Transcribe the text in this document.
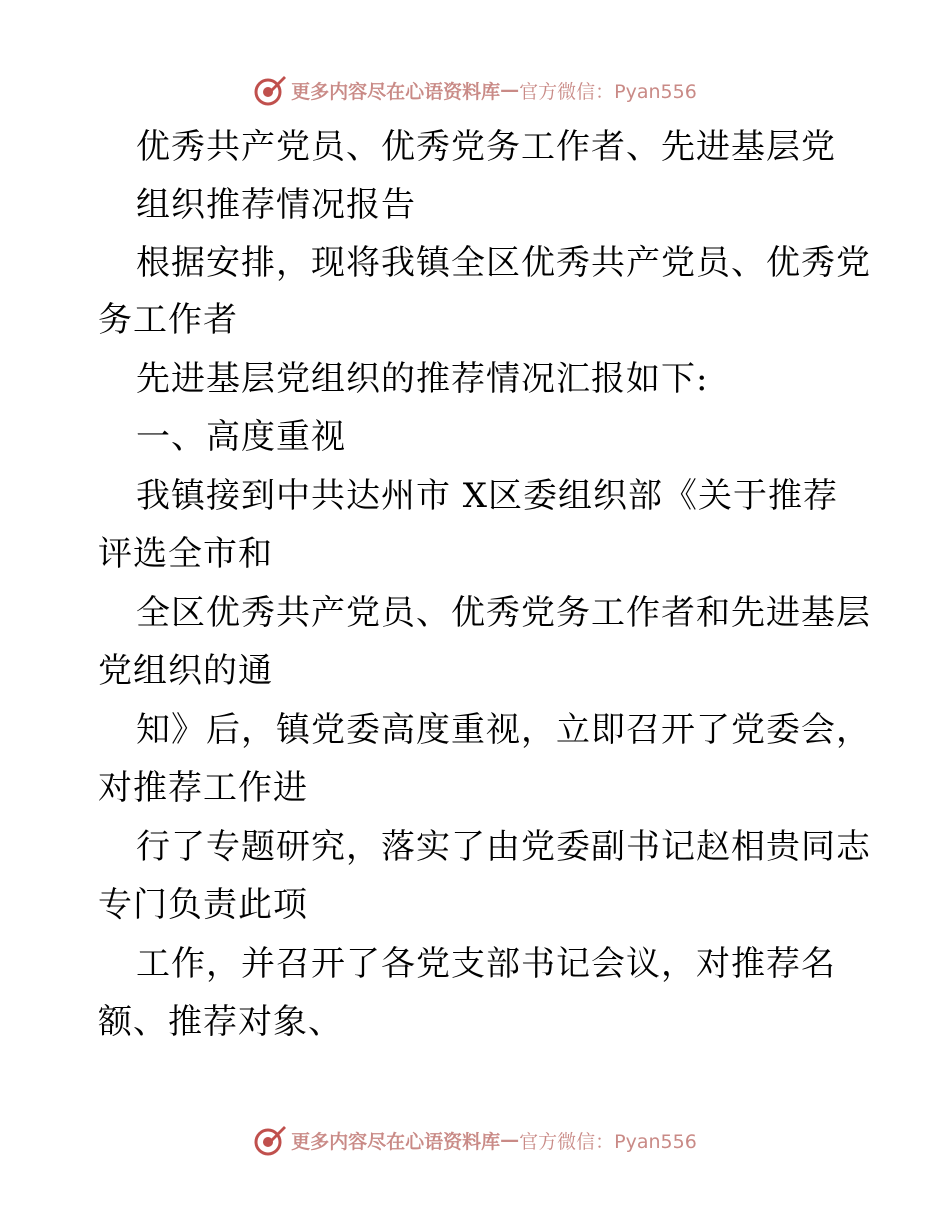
更多内容尽在心语资料库 — 官方微信：Pyan556
优秀共产党员、优秀党务工作者、先进基层党
组织推荐情况报告
根据安排，现将我镇全区优秀共产党员、优秀党
务工作者
先进基层党组织的推荐情况汇报如下:
一、高度重视
我镇接到中共达州市 X区委组织部《关于推荐
评选全市和
全区优秀共产党员、优秀党务工作者和先进基层
党组织的通
知》后，镇党委高度重视，立即召开了党委会，
对推荐工作进
行了专题研究，落实了由党委副书记赵相贵同志
专门负责此项
工作，并召开了各党支部书记会议，对推荐名
额、推荐对象、
更多内容尽在心语资料库 — 官方微信：Pyan556
